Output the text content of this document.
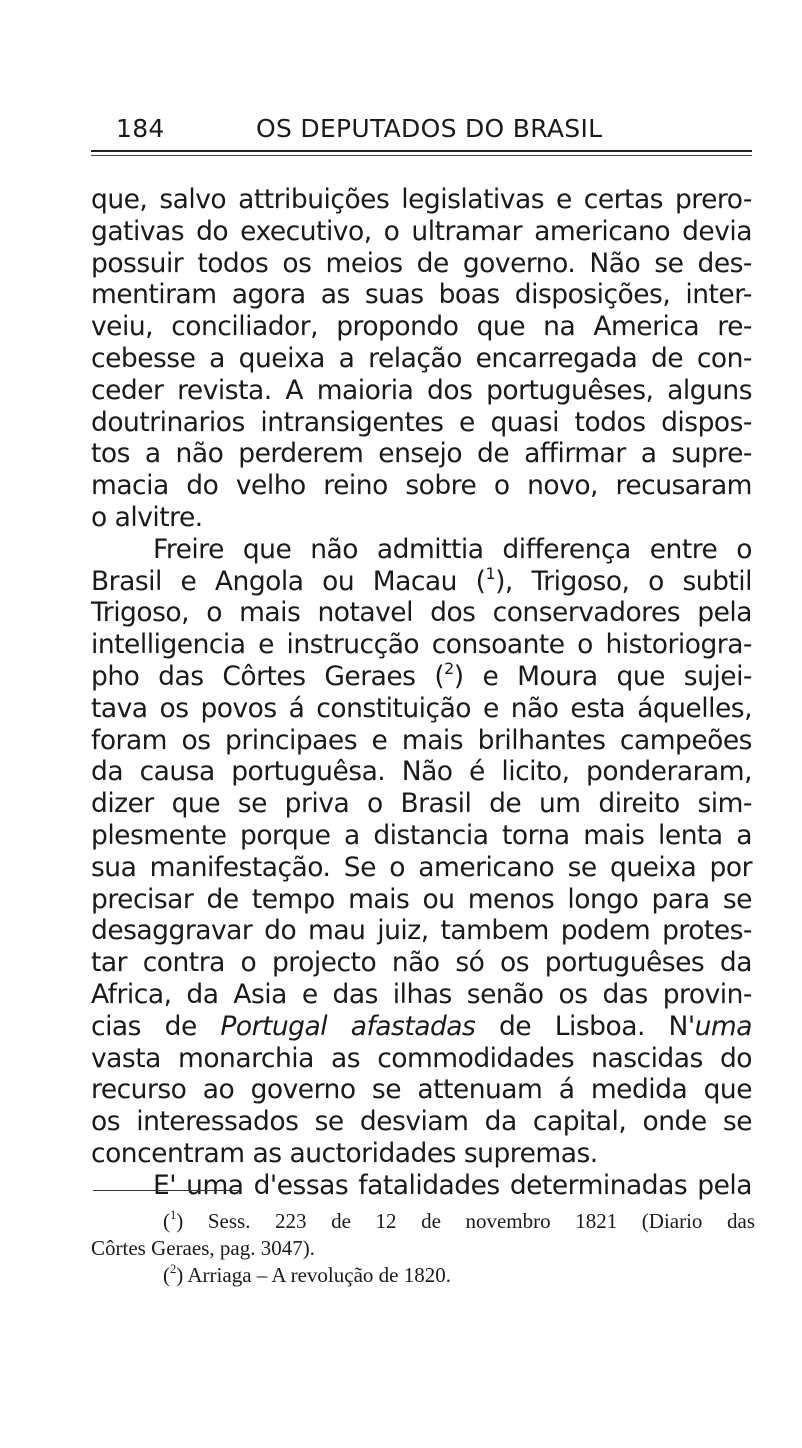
184	OS DEPUTADOS DO BRASIL
que, salvo attribuições legislativas e certas prero-
gativas do executivo, o ultramar americano devia
possuir todos os meios de governo. Não se des-
mentiram agora as suas boas disposições, inter-
veiu, conciliador, propondo que na America re-
cebesse a queixa a relação encarregada de con-
ceder revista. A maioria dos portuguêses, alguns
doutrinarios intransigentes e quasi todos dispos-
tos a não perderem ensejo de affirmar a supre-
macia do velho reino sobre o novo, recusaram
o alvitre.
Freire que não admittia differença entre o
Brasil e Angola ou Macau ($^1$), Trigoso, o subtil
Trigoso, o mais notavel dos conservadores pela
intelligencia e instrucção consoante o historiogra-
pho das Côrtes Geraes ($^2$) e Moura que sujei-
tava os povos á constituição e não esta áquelles,
foram os principaes e mais brilhantes campeões
da causa portuguêsa. Não é licito, ponderaram,
dizer que se priva o Brasil de um direito sim-
plesmente porque a distancia torna mais lenta a
sua manifestação. Se o americano se queixa por
precisar de tempo mais ou menos longo para se
desaggravar do mau juiz, tambem podem protes-
tar contra o projecto não só os portuguêses da
Africa, da Asia e das ilhas senão os das provin-
cias de Portugal afastadas de Lisboa. N'uma
vasta monarchia as commodidades nascidas do
recurso ao governo se attenuam á medida que
os interessados se desviam da capital, onde se
concentram as auctoridades supremas.
E' uma d'essas fatalidades determinadas pela
($^1$) Sess. 223 de 12 de novembro 1821 (Diario das
Côrtes Geraes, pag. 3047).
($^2$) Arriaga – A revolução de 1820.
